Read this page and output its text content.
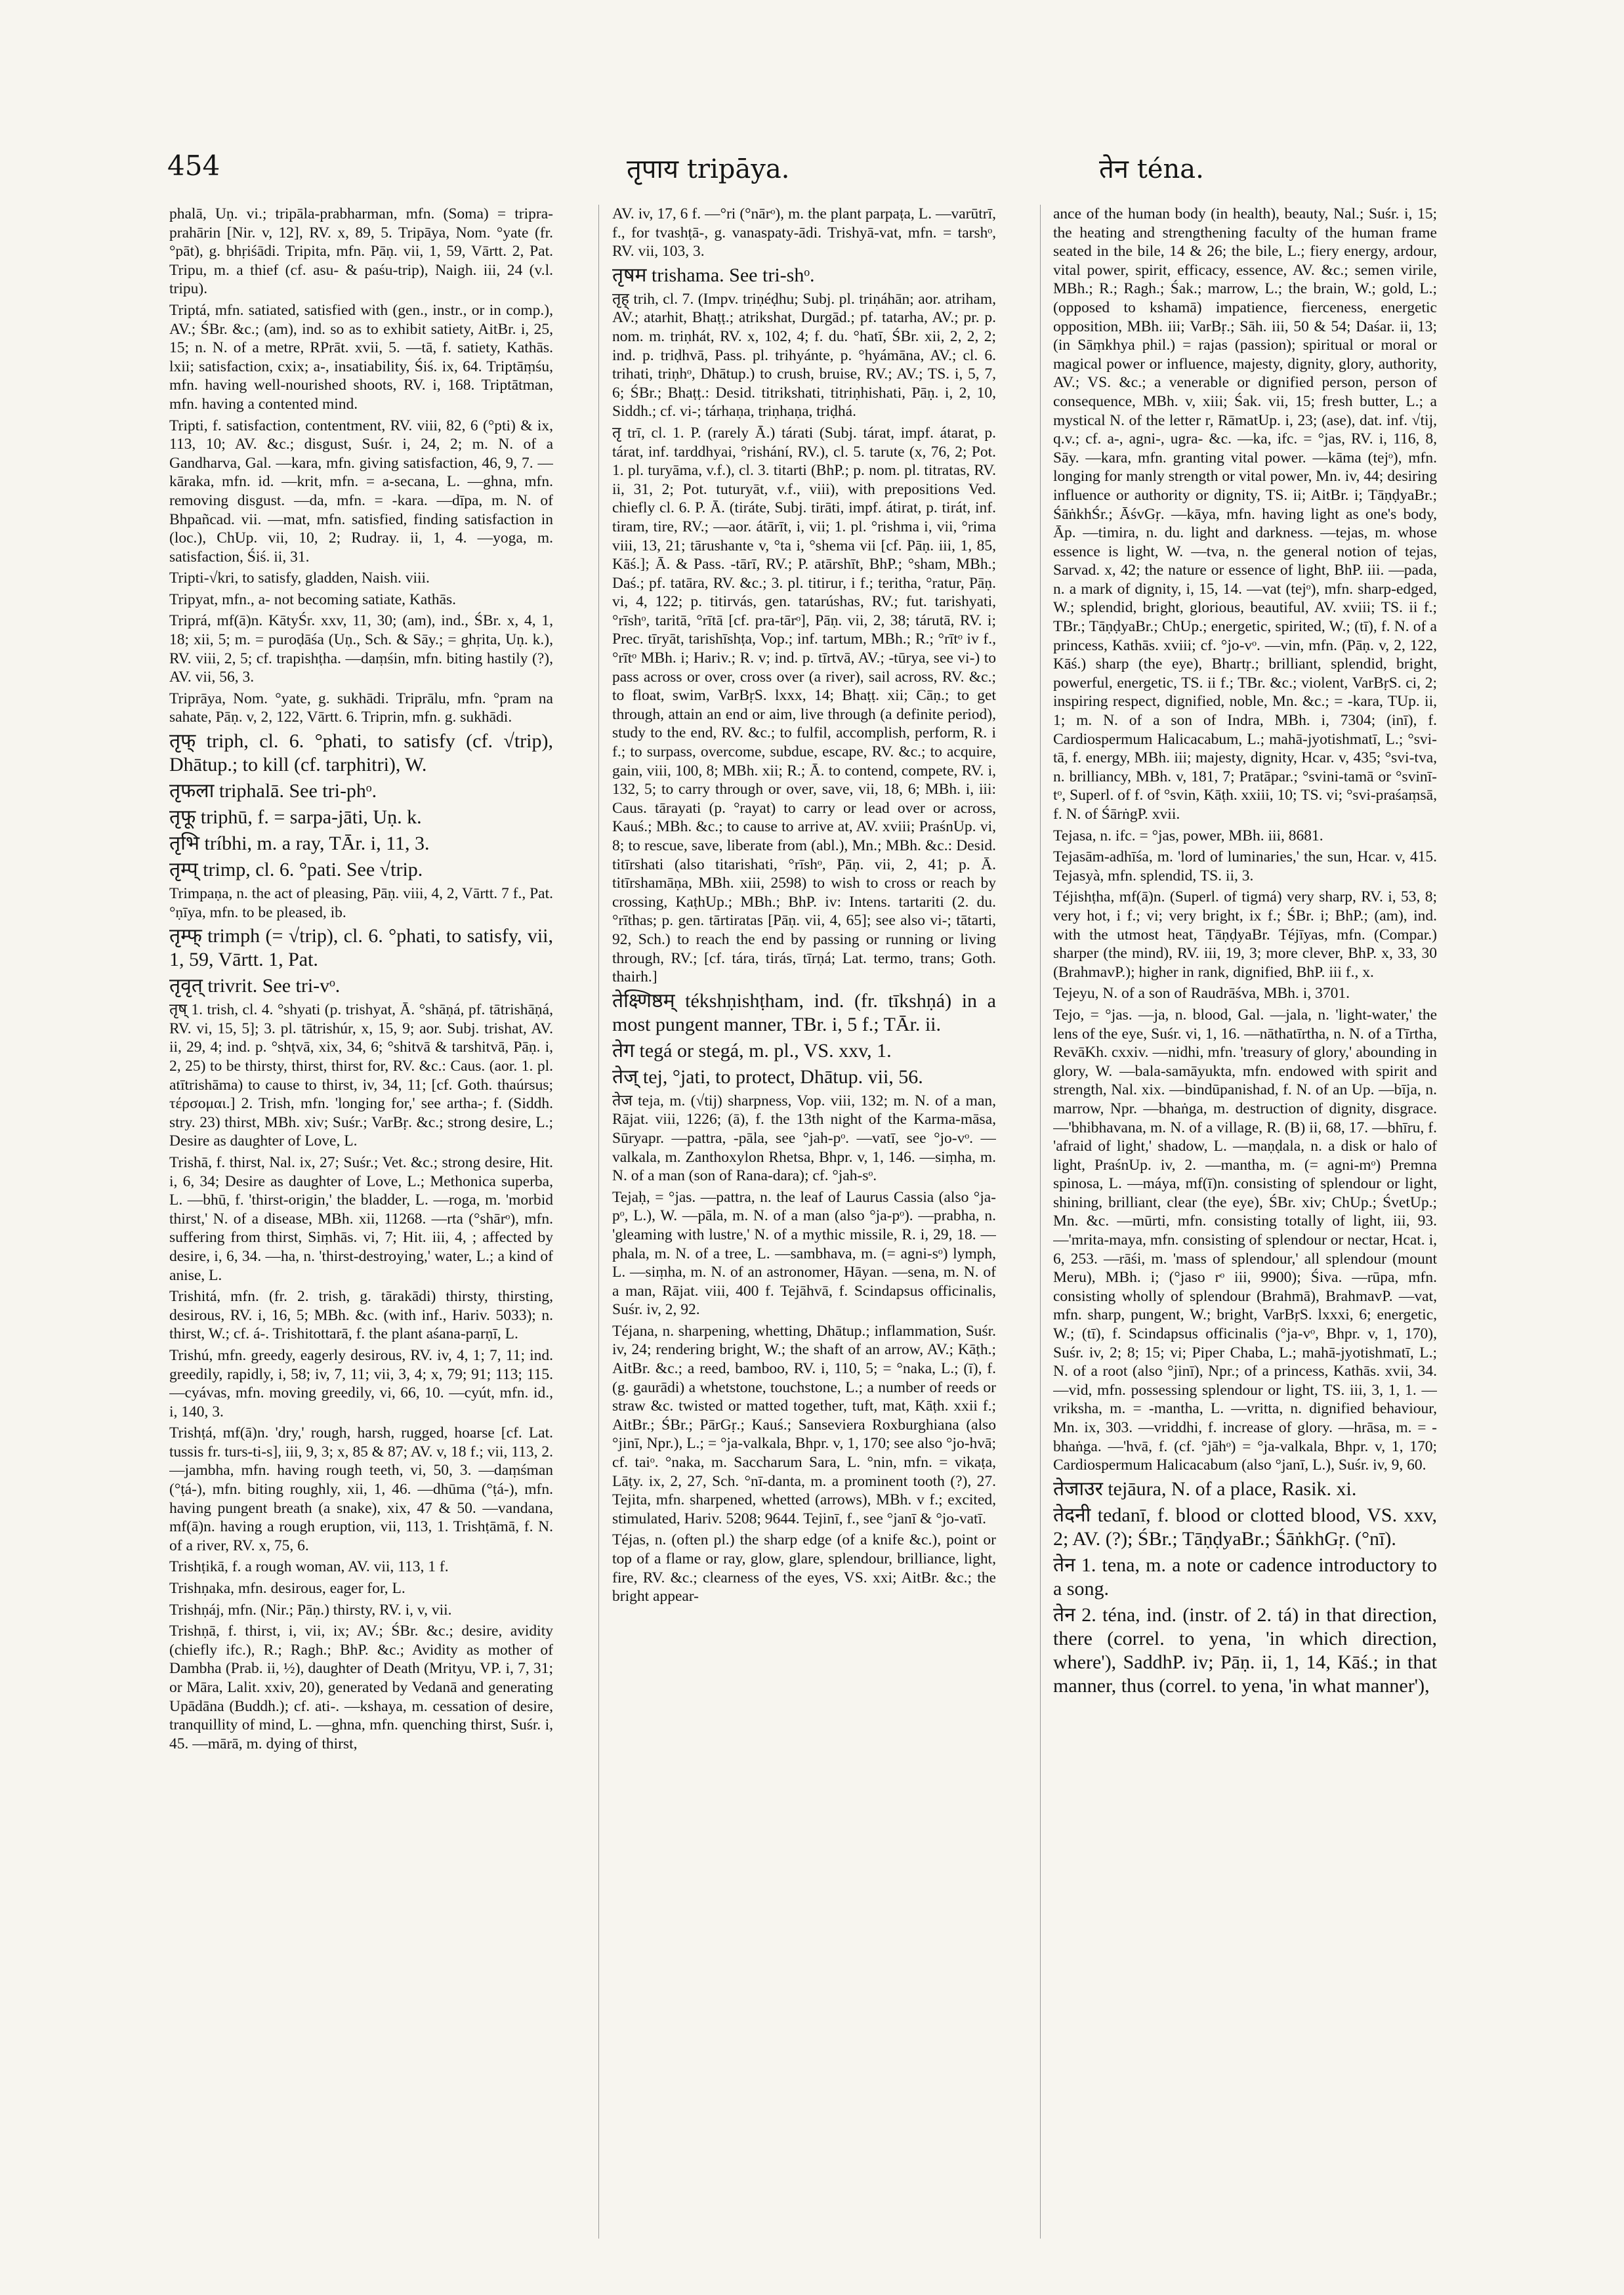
454	तृपाय tripāya.	तेन téna.

phalā, Uṇ. vi.; tripāla-prabharman, mfn. (Soma) = tripra-prahārin [Nir. v, 12], RV. x, 89, 5. Tripāya, Nom. °yate (fr. °pāt), g. bhṛiśādi. Tripita, mfn. Pāṇ. vii, 1, 59, Vārtt. 2, Pat. Tripu, m. a thief (cf. asu- & paśu-trip), Naigh. iii, 24 (v.l. tripu).

Triptá, mfn. satiated, satisfied with (gen., instr., or in comp.), AV.; ŚBr. &c.; (am), ind. so as to exhibit satiety, AitBr. i, 25, 15; n. N. of a metre, RPrāt. xvii, 5. —tā, f. satiety, Kathās. lxii; satisfaction, cxix; a-, insatiability, Śiś. ix, 64. Triptāṃśu, mfn. having well-nourished shoots, RV. i, 168. Triptātman, mfn. having a contented mind.

Tripti, f. satisfaction, contentment, RV. viii, 82, 6 (°pti) & ix, 113, 10; AV. &c.; disgust, Suśr. i, 24, 2; m. N. of a Gandharva, Gal. —kara, mfn. giving satisfaction, 46, 9, 7. —kāraka, mfn. id. —krit, mfn. = a-secana, L. —ghna, mfn. removing disgust. —da, mfn. = -kara. —dīpa, m. N. of Bhpañcad. vii. —mat, mfn. satisfied, finding satisfaction in (loc.), ChUp. vii, 10, 2; Rudray. ii, 1, 4. —yoga, m. satisfaction, Śiś. ii, 31.

Tripti-√kri, to satisfy, gladden, Naish. viii.

Tripyat, mfn., a- not becoming satiate, Kathās.

Triprá, mf(ā)n. KātyŚr. xxv, 11, 30; (am), ind., ŚBr. x, 4, 1, 18; xii, 5; m. = puroḍāśa (Uṇ., Sch. & Sāy.; = ghṛita, Uṇ. k.), RV. viii, 2, 5; cf. trapishṭha. —daṃśin, mfn. biting hastily (?), AV. vii, 56, 3.

Triprāya, Nom. °yate, g. sukhādi. Triprālu, mfn. °pram na sahate, Pāṇ. v, 2, 122, Vārtt. 6. Triprin, mfn. g. sukhādi.

तृफ् triph, cl. 6. °phati, to satisfy (cf. √trip), Dhātup.; to kill (cf. tarphitri), W.

तृफला triphalā. See tri-phᵒ.

तृफू triphū, f. = sarpa-jāti, Uṇ. k.

तृभि tríbhi, m. a ray, TĀr. i, 11, 3.

तृम्प् trimp, cl. 6. °pati. See √trip.

Trimpaṇa, n. the act of pleasing, Pāṇ. viii, 4, 2, Vārtt. 7 f., Pat. °ṇīya, mfn. to be pleased, ib.

तृम्फ् trimph (= √trip), cl. 6. °phati, to satisfy, vii, 1, 59, Vārtt. 1, Pat.

तृवृत् trivrit. See tri-vᵒ.

तृष् 1. trish, cl. 4. °shyati (p. trishyat, Ā. °shāṇá, pf. tātrishāṇá, RV. vi, 15, 5]; 3. pl. tātrishúr, x, 15, 9; aor. Subj. trishat, AV. ii, 29, 4; ind. p. °shṭvā, xix, 34, 6; °shitvā & tarshitvā, Pāṇ. i, 2, 25) to be thirsty, thirst, thirst for, RV. &c.: Caus. (aor. 1. pl. atītrishāma) to cause to thirst, iv, 34, 11; [cf. Goth. thaúrsus; τέρσομαι.] 2. Trish, mfn. 'longing for,' see artha-; f. (Siddh. stry. 23) thirst, MBh. xiv; Suśr.; VarBṛ. &c.; strong desire, L.; Desire as daughter of Love, L.

Trishā, f. thirst, Nal. ix, 27; Suśr.; Vet. &c.; strong desire, Hit. i, 6, 34; Desire as daughter of Love, L.; Methonica superba, L. —bhū, f. 'thirst-origin,' the bladder, L. —roga, m. 'morbid thirst,' N. of a disease, MBh. xii, 11268. —rta (°shārᵒ), mfn. suffering from thirst, Siṃhās. vi, 7; Hit. iii, 4, ; affected by desire, i, 6, 34. —ha, n. 'thirst-destroying,' water, L.; a kind of anise, L.

Trishitá, mfn. (fr. 2. trish, g. tārakādi) thirsty, thirsting, desirous, RV. i, 16, 5; MBh. &c. (with inf., Hariv. 5033); n. thirst, W.; cf. á-. Trishitottarā, f. the plant aśana-parṇī, L.

Trishú, mfn. greedy, eagerly desirous, RV. iv, 4, 1; 7, 11; ind. greedily, rapidly, i, 58; iv, 7, 11; vii, 3, 4; x, 79; 91; 113; 115. —cyávas, mfn. moving greedily, vi, 66, 10. —cyút, mfn. id., i, 140, 3.

Trishṭá, mf(ā)n. 'dry,' rough, harsh, rugged, hoarse [cf. Lat. tussis fr. turs-ti-s], iii, 9, 3; x, 85 & 87; AV. v, 18 f.; vii, 113, 2. —jambha, mfn. having rough teeth, vi, 50, 3. —daṃśman (°ṭá-), mfn. biting roughly, xii, 1, 46. —dhūma (°ṭá-), mfn. having pungent breath (a snake), xix, 47 & 50. —vandana, mf(ā)n. having a rough eruption, vii, 113, 1. Trishṭāmā, f. N. of a river, RV. x, 75, 6.

Trishṭikā, f. a rough woman, AV. vii, 113, 1 f.

Trishṇaka, mfn. desirous, eager for, L.

Trishṇáj, mfn. (Nir.; Pāṇ.) thirsty, RV. i, v, vii.

Trishṇā, f. thirst, i, vii, ix; AV.; ŚBr. &c.; desire, avidity (chiefly ifc.), R.; Ragh.; BhP. &c.; Avidity as mother of Dambha (Prab. ii, ½), daughter of Death (Mrityu, VP. i, 7, 31; or Māra, Lalit. xxiv, 20), generated by Vedanā and generating Upādāna (Buddh.); cf. ati-. —kshaya, m. cessation of desire, tranquillity of mind, L. —ghna, mfn. quenching thirst, Suśr. i, 45. —mārā, m. dying of thirst,

AV. iv, 17, 6 f. —°ri (°nārᵒ), m. the plant parpaṭa, L. —varūtrī, f., for tvashṭā-, g. vanaspaty-ādi. Trishyā-vat, mfn. = tarshᵒ, RV. vii, 103, 3.

तृषम trishama. See tri-shᵒ.

तृह् trih, cl. 7. (Impv. triṇéḍhu; Subj. pl. triṇáhān; aor. atriham, AV.; atarhit, Bhaṭṭ.; atrikshat, Durgād.; pf. tatarha, AV.; pr. p. nom. m. triṇhát, RV. x, 102, 4; f. du. °hatī, ŚBr. xii, 2, 2, 2; ind. p. triḍhvā, Pass. pl. trihyánte, p. °hyámāna, AV.; cl. 6. trihati, triṇhᵒ, Dhātup.) to crush, bruise, RV.; AV.; TS. i, 5, 7, 6; ŚBr.; Bhaṭṭ.: Desid. titrikshati, titriṇhishati, Pāṇ. i, 2, 10, Siddh.; cf. vi-; tárhaṇa, triṇhaṇa, triḍhá.

तृ trī, cl. 1. P. (rarely Ā.) tárati (Subj. tárat, impf. átarat, p. tárat, inf. tarddhyai, °rishání, RV.), cl. 5. tarute (x, 76, 2; Pot. 1. pl. turyāma, v.f.), cl. 3. titarti (BhP.; p. nom. pl. titratas, RV. ii, 31, 2; Pot. tuturyāt, v.f., viii), with prepositions Ved. chiefly cl. 6. P. Ā. (tiráte, Subj. tirāti, impf. átirat, p. tirát, inf. tiram, tire, RV.; —aor. átārīt, i, vii; 1. pl. °rishma i, vii, °rima viii, 13, 21; tārushante v, °ta i, °shema vii [cf. Pāṇ. iii, 1, 85, Kāś.]; Ā. & Pass. -tārī, RV.; P. atārshīt, BhP.; °sham, MBh.; Daś.; pf. tatāra, RV. &c.; 3. pl. titirur, i f.; teritha, °ratur, Pāṇ. vi, 4, 122; p. titirvás, gen. tatarúshas, RV.; fut. tarishyati, °rīshᵒ, taritā, °rītā [cf. pra-tārᵒ], Pāṇ. vii, 2, 38; tárutā, RV. i; Prec. tīryāt, tarishīshṭa, Vop.; inf. tartum, MBh.; R.; °rītᵒ iv f., °rītᵒ MBh. i; Hariv.; R. v; ind. p. tīrtvā, AV.; -tūrya, see vi-) to pass across or over, cross over (a river), sail across, RV. &c.; to float, swim, VarBṛS. lxxx, 14; Bhaṭṭ. xii; Cāṇ.; to get through, attain an end or aim, live through (a definite period), study to the end, RV. &c.; to fulfil, accomplish, perform, R. i f.; to surpass, overcome, subdue, escape, RV. &c.; to acquire, gain, viii, 100, 8; MBh. xii; R.; Ā. to contend, compete, RV. i, 132, 5; to carry through or over, save, vii, 18, 6; MBh. i, iii: Caus. tārayati (p. °rayat) to carry or lead over or across, Kauś.; MBh. &c.; to cause to arrive at, AV. xviii; PraśnUp. vi, 8; to rescue, save, liberate from (abl.), Mn.; MBh. &c.: Desid. titīrshati (also titarishati, °rīshᵒ, Pāṇ. vii, 2, 41; p. Ā. titīrshamāṇa, MBh. xiii, 2598) to wish to cross or reach by crossing, KaṭhUp.; MBh.; BhP. iv: Intens. tartariti (2. du. °rīthas; p. gen. tārtiratas [Pāṇ. vii, 4, 65]; see also vi-; tātarti, 92, Sch.) to reach the end by passing or running or living through, RV.; [cf. tára, tirás, tīrṇá; Lat. termo, trans; Goth. thairh.]

तेक्ष्णिष्ठम् tékshṇishṭham, ind. (fr. tīkshṇá) in a most pungent manner, TBr. i, 5 f.; TĀr. ii.

तेग tegá or stegá, m. pl., VS. xxv, 1.

तेज् tej, °jati, to protect, Dhātup. vii, 56.

तेज teja, m. (√tij) sharpness, Vop. viii, 132; m. N. of a man, Rājat. viii, 1226; (ā), f. the 13th night of the Karma-māsa, Sūryapr. —pattra, -pāla, see °jah-pᵒ. —vatī, see °jo-vᵒ. —valkala, m. Zanthoxylon Rhetsa, Bhpr. v, 1, 146. —siṃha, m. N. of a man (son of Rana-dara); cf. °jah-sᵒ.

Tejaḥ, = °jas. —pattra, n. the leaf of Laurus Cassia (also °ja-pᵒ, L.), W. —pāla, m. N. of a man (also °ja-pᵒ). —prabha, n. 'gleaming with lustre,' N. of a mythic missile, R. i, 29, 18. —phala, m. N. of a tree, L. —sambhava, m. (= agni-sᵒ) lymph, L. —siṃha, m. N. of an astronomer, Hāyan. —sena, m. N. of a man, Rājat. viii, 400 f. Tejāhvā, f. Scindapsus officinalis, Suśr. iv, 2, 92.

Téjana, n. sharpening, whetting, Dhātup.; inflammation, Suśr. iv, 24; rendering bright, W.; the shaft of an arrow, AV.; Kāṭh.; AitBr. &c.; a reed, bamboo, RV. i, 110, 5; = °naka, L.; (ī), f. (g. gaurādi) a whetstone, touchstone, L.; a number of reeds or straw &c. twisted or matted together, tuft, mat, Kāṭh. xxii f.; AitBr.; ŚBr.; PārGṛ.; Kauś.; Sanseviera Roxburghiana (also °jinī, Npr.), L.; = °ja-valkala, Bhpr. v, 1, 170; see also °jo-hvā; cf. taiᵒ. °naka, m. Saccharum Sara, L. °nin, mfn. = vikaṭa, Lāṭy. ix, 2, 27, Sch. °nī-danta, m. a prominent tooth (?), 27. Tejita, mfn. sharpened, whetted (arrows), MBh. v f.; excited, stimulated, Hariv. 5208; 9644. Tejinī, f., see °janī & °jo-vatī.

Téjas, n. (often pl.) the sharp edge (of a knife &c.), point or top of a flame or ray, glow, glare, splendour, brilliance, light, fire, RV. &c.; clearness of the eyes, VS. xxi; AitBr. &c.; the bright appear-

ance of the human body (in health), beauty, Nal.; Suśr. i, 15; the heating and strengthening faculty of the human frame seated in the bile, 14 & 26; the bile, L.; fiery energy, ardour, vital power, spirit, efficacy, essence, AV. &c.; semen virile, MBh.; R.; Ragh.; Śak.; marrow, L.; the brain, W.; gold, L.; (opposed to kshamā) impatience, fierceness, energetic opposition, MBh. iii; VarBṛ.; Sāh. iii, 50 & 54; Daśar. ii, 13; (in Sāṃkhya phil.) = rajas (passion); spiritual or moral or magical power or influence, majesty, dignity, glory, authority, AV.; VS. &c.; a venerable or dignified person, person of consequence, MBh. v, xiii; Śak. vii, 15; fresh butter, L.; a mystical N. of the letter r, RāmatUp. i, 23; (ase), dat. inf. √tij, q.v.; cf. a-, agni-, ugra- &c. —ka, ifc. = °jas, RV. i, 116, 8, Sāy. —kara, mfn. granting vital power. —kāma (tejᵒ), mfn. longing for manly strength or vital power, Mn. iv, 44; desiring influence or authority or dignity, TS. ii; AitBr. i; TāṇḍyaBr.; ŚāṅkhŚr.; ĀśvGṛ. —kāya, mfn. having light as one's body, Āp. —timira, n. du. light and darkness. —tejas, m. whose essence is light, W. —tva, n. the general notion of tejas, Sarvad. x, 42; the nature or essence of light, BhP. iii. —pada, n. a mark of dignity, i, 15, 14. —vat (tejᵒ), mfn. sharp-edged, W.; splendid, bright, glorious, beautiful, AV. xviii; TS. ii f.; TBr.; TāṇḍyaBr.; ChUp.; energetic, spirited, W.; (tī), f. N. of a princess, Kathās. xviii; cf. °jo-vᵒ. —vin, mfn. (Pāṇ. v, 2, 122, Kāś.) sharp (the eye), Bhartṛ.; brilliant, splendid, bright, powerful, energetic, TS. ii f.; TBr. &c.; violent, VarBṛS. ci, 2; inspiring respect, dignified, noble, Mn. &c.; = -kara, TUp. ii, 1; m. N. of a son of Indra, MBh. i, 7304; (inī), f. Cardiospermum Halicacabum, L.; mahā-jyotishmatī, L.; °svi-tā, f. energy, MBh. iii; majesty, dignity, Hcar. v, 435; °svi-tva, n. brilliancy, MBh. v, 181, 7; Pratāpar.; °svini-tamā or °svinī-tᵒ, Superl. of f. of °svin, Kāṭh. xxiii, 10; TS. vi; °svi-praśaṃsā, f. N. of ŚārṅgP. xvii.

Tejasa, n. ifc. = °jas, power, MBh. iii, 8681.

Tejasām-adhīśa, m. 'lord of luminaries,' the sun, Hcar. v, 415. Tejasyà, mfn. splendid, TS. ii, 3.

Téjishṭha, mf(ā)n. (Superl. of tigmá) very sharp, RV. i, 53, 8; very hot, i f.; vi; very bright, ix f.; ŚBr. i; BhP.; (am), ind. with the utmost heat, TāṇḍyaBr. Téjīyas, mfn. (Compar.) sharper (the mind), RV. iii, 19, 3; more clever, BhP. x, 33, 30 (BrahmavP.); higher in rank, dignified, BhP. iii f., x.

Tejeyu, N. of a son of Raudrāśva, MBh. i, 3701.

Tejo, = °jas. —ja, n. blood, Gal. —jala, n. 'light-water,' the lens of the eye, Suśr. vi, 1, 16. —nāthatīrtha, n. N. of a Tīrtha, RevāKh. cxxiv. —nidhi, mfn. 'treasury of glory,' abounding in glory, W. —bala-samāyukta, mfn. endowed with spirit and strength, Nal. xix. —bindūpanishad, f. N. of an Up. —bīja, n. marrow, Npr. —bhaṅga, m. destruction of dignity, disgrace. —'bhibhavana, m. N. of a village, R. (B) ii, 68, 17. —bhīru, f. 'afraid of light,' shadow, L. —maṇḍala, n. a disk or halo of light, PraśnUp. iv, 2. —mantha, m. (= agni-mᵒ) Premna spinosa, L. —máya, mf(ī)n. consisting of splendour or light, shining, brilliant, clear (the eye), ŚBr. xiv; ChUp.; ŚvetUp.; Mn. &c. —mūrti, mfn. consisting totally of light, iii, 93. —'mrita-maya, mfn. consisting of splendour or nectar, Hcat. i, 6, 253. —rāśi, m. 'mass of splendour,' all splendour (mount Meru), MBh. i; (°jaso rᵒ iii, 9900); Śiva. —rūpa, mfn. consisting wholly of splendour (Brahmā), BrahmavP. —vat, mfn. sharp, pungent, W.; bright, VarBṛS. lxxxi, 6; energetic, W.; (tī), f. Scindapsus officinalis (°ja-vᵒ, Bhpr. v, 1, 170), Suśr. iv, 2; 8; 15; vi; Piper Chaba, L.; mahā-jyotishmatī, L.; N. of a root (also °jinī), Npr.; of a princess, Kathās. xvii, 34. —vid, mfn. possessing splendour or light, TS. iii, 3, 1, 1. —vriksha, m. = -mantha, L. —vritta, n. dignified behaviour, Mn. ix, 303. —vriddhi, f. increase of glory. —hrāsa, m. = -bhaṅga. —'hvā, f. (cf. °jāhᵒ) = °ja-valkala, Bhpr. v, 1, 170; Cardiospermum Halicacabum (also °janī, L.), Suśr. iv, 9, 60.

तेजाउर tejāura, N. of a place, Rasik. xi.

तेदनी tedanī, f. blood or clotted blood, VS. xxv, 2; AV. (?); ŚBr.; TāṇḍyaBr.; ŚāṅkhGṛ. (°nī).

तेन 1. tena, m. a note or cadence introductory to a song.

तेन 2. téna, ind. (instr. of 2. tá) in that direction, there (correl. to yena, 'in which direction, where'), SaddhP. iv; Pāṇ. ii, 1, 14, Kāś.; in that manner, thus (correl. to yena, 'in what manner'),
